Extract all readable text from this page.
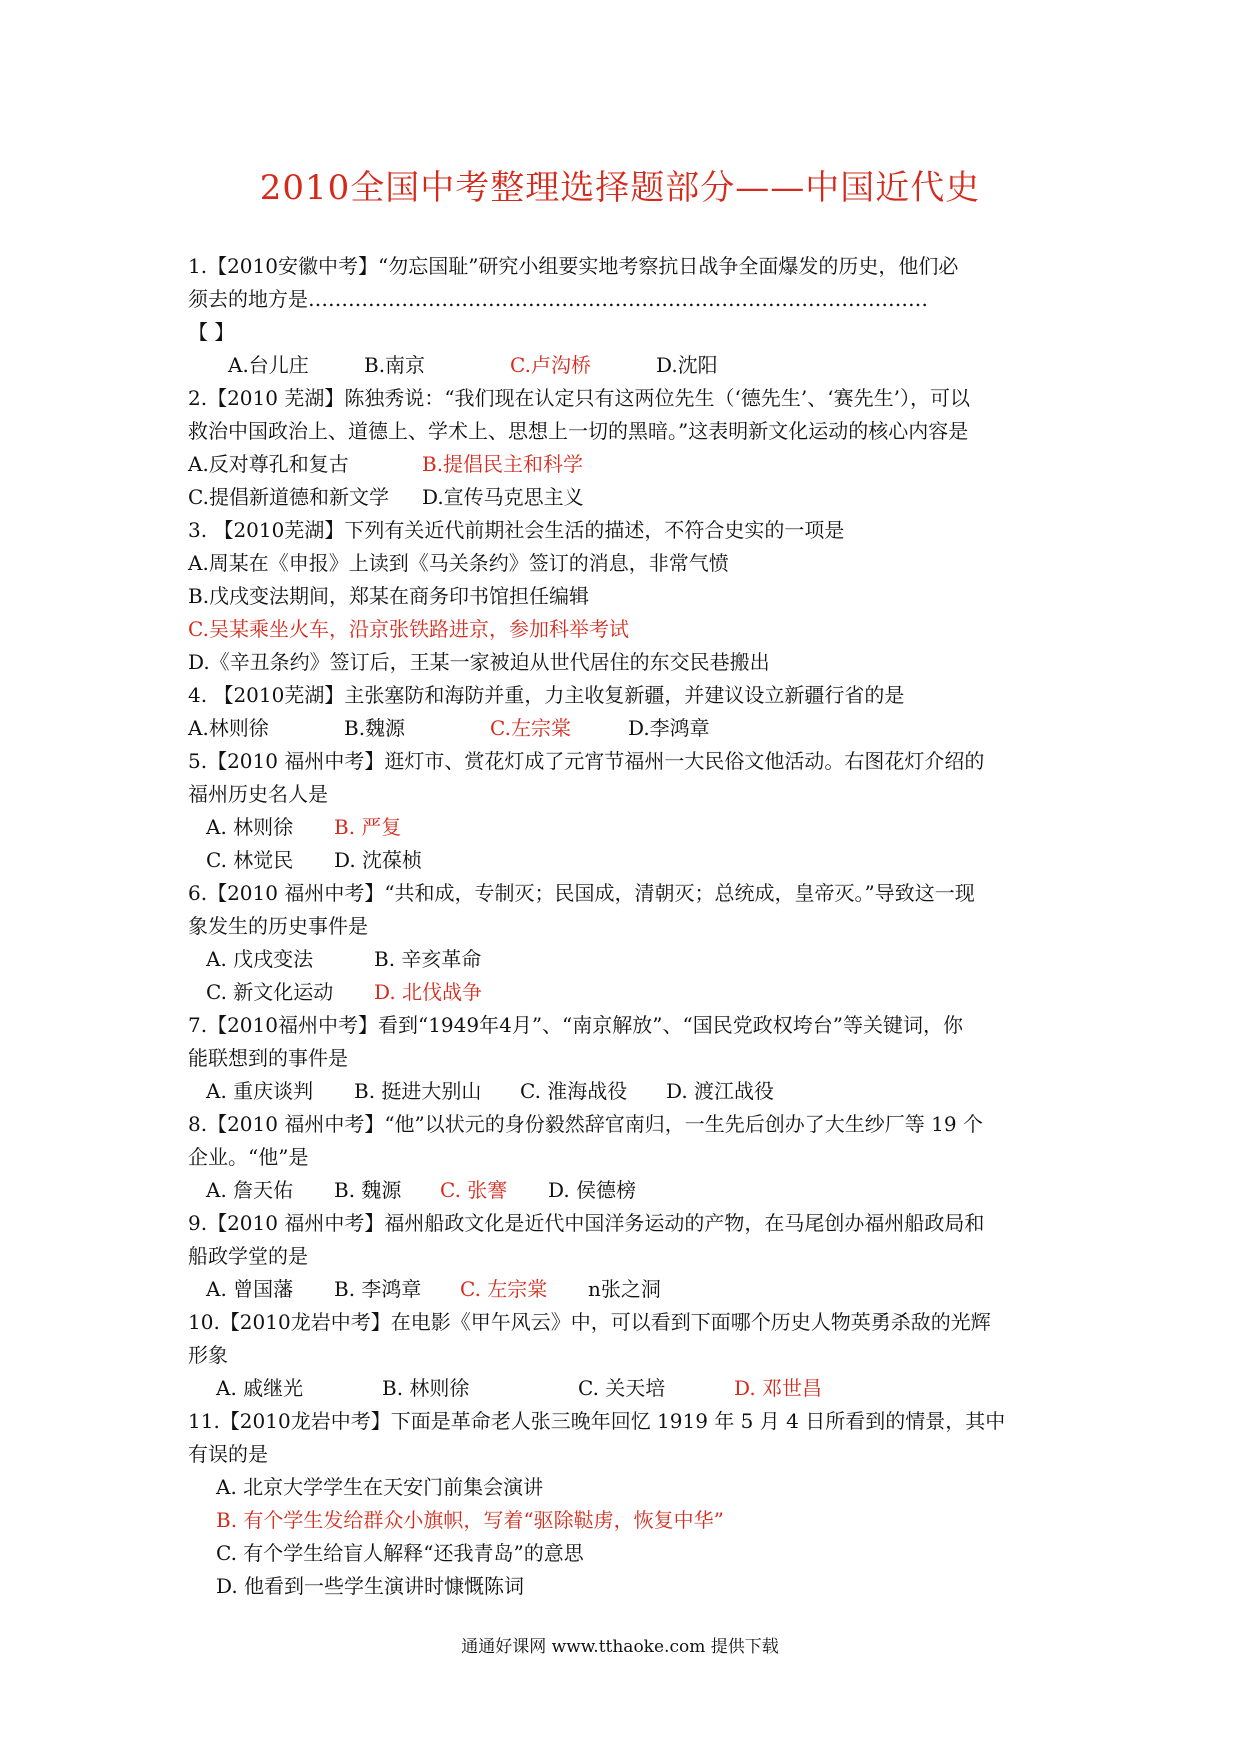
2010全国中考整理选择题部分——中国近代史
1.【2010安徽中考】“勿忘国耻”研究小组要实地考察抗日战争全面爆发的历史，他们必
须去的地方是…………………………………………………………………………………
【 】
A.台儿庄	B.南京	C.卢沟桥	D.沈阳
2.【2010 芜湖】陈独秀说：“我们现在认定只有这两位先生（‘德先生’、‘赛先生’），可以
救治中国政治上、道德上、学术上、思想上一切的黑暗。”这表明新文化运动的核心内容是
A.反对尊孔和复古	B.提倡民主和科学
C.提倡新道德和新文学 D.宣传马克思主义
3. 【2010芜湖】下列有关近代前期社会生活的描述，不符合史实的一项是
A.周某在《申报》上读到《马关条约》签订的消息，非常气愤
B.戊戌变法期间，郑某在商务印书馆担任编辑
C.吴某乘坐火车，沿京张铁路进京，参加科举考试
D.《辛丑条约》签订后，王某一家被迫从世代居住的东交民巷搬出
4. 【2010芜湖】主张塞防和海防并重，力主收复新疆，并建议设立新疆行省的是
A.林则徐	B.魏源	C.左宗棠	D.李鸿章
5.【2010 福州中考】逛灯市、赏花灯成了元宵节福州一大民俗文他活动。右图花灯介绍的
福州历史名人是
A. 林则徐 B. 严复
C. 林觉民 D. 沈葆桢
6.【2010 福州中考】“共和成，专制灭；民国成，清朝灭；总统成，皇帝灭。”导致这一现
象发生的历史事件是
A. 戊戌变法	B. 辛亥革命
C. 新文化运动 D. 北伐战争
7.【2010福州中考】看到“1949年4月”、“南京解放”、“国民党政权垮台”等关键词，你
能联想到的事件是
A. 重庆谈判 B. 挺进大别山 C. 淮海战役 D. 渡江战役
8.【2010 福州中考】“他”以状元的身份毅然辞官南归，一生先后创办了大生纱厂等 19 个
企业。“他”是
A. 詹天佑 B. 魏源 C. 张謇 D. 侯德榜
9.【2010 福州中考】福州船政文化是近代中国洋务运动的产物，在马尾创办福州船政局和
船政学堂的是
A. 曾国藩 B. 李鸿章 C. 左宗棠 n张之洞
10.【2010龙岩中考】在电影《甲午风云》中，可以看到下面哪个历史人物英勇杀敌的光辉
形象
A. 戚继光	B. 林则徐	C. 关天培	D. 邓世昌
11.【2010龙岩中考】下面是革命老人张三晚年回忆 1919 年 5 月 4 日所看到的情景，其中
有误的是
A. 北京大学学生在天安门前集会演讲
B. 有个学生发给群众小旗帜，写着“驱除鞑虏，恢复中华”
C. 有个学生给盲人解释“还我青岛”的意思
D. 他看到一些学生演讲时慷慨陈词
通通好课网 www.tthaoke.com 提供下载
